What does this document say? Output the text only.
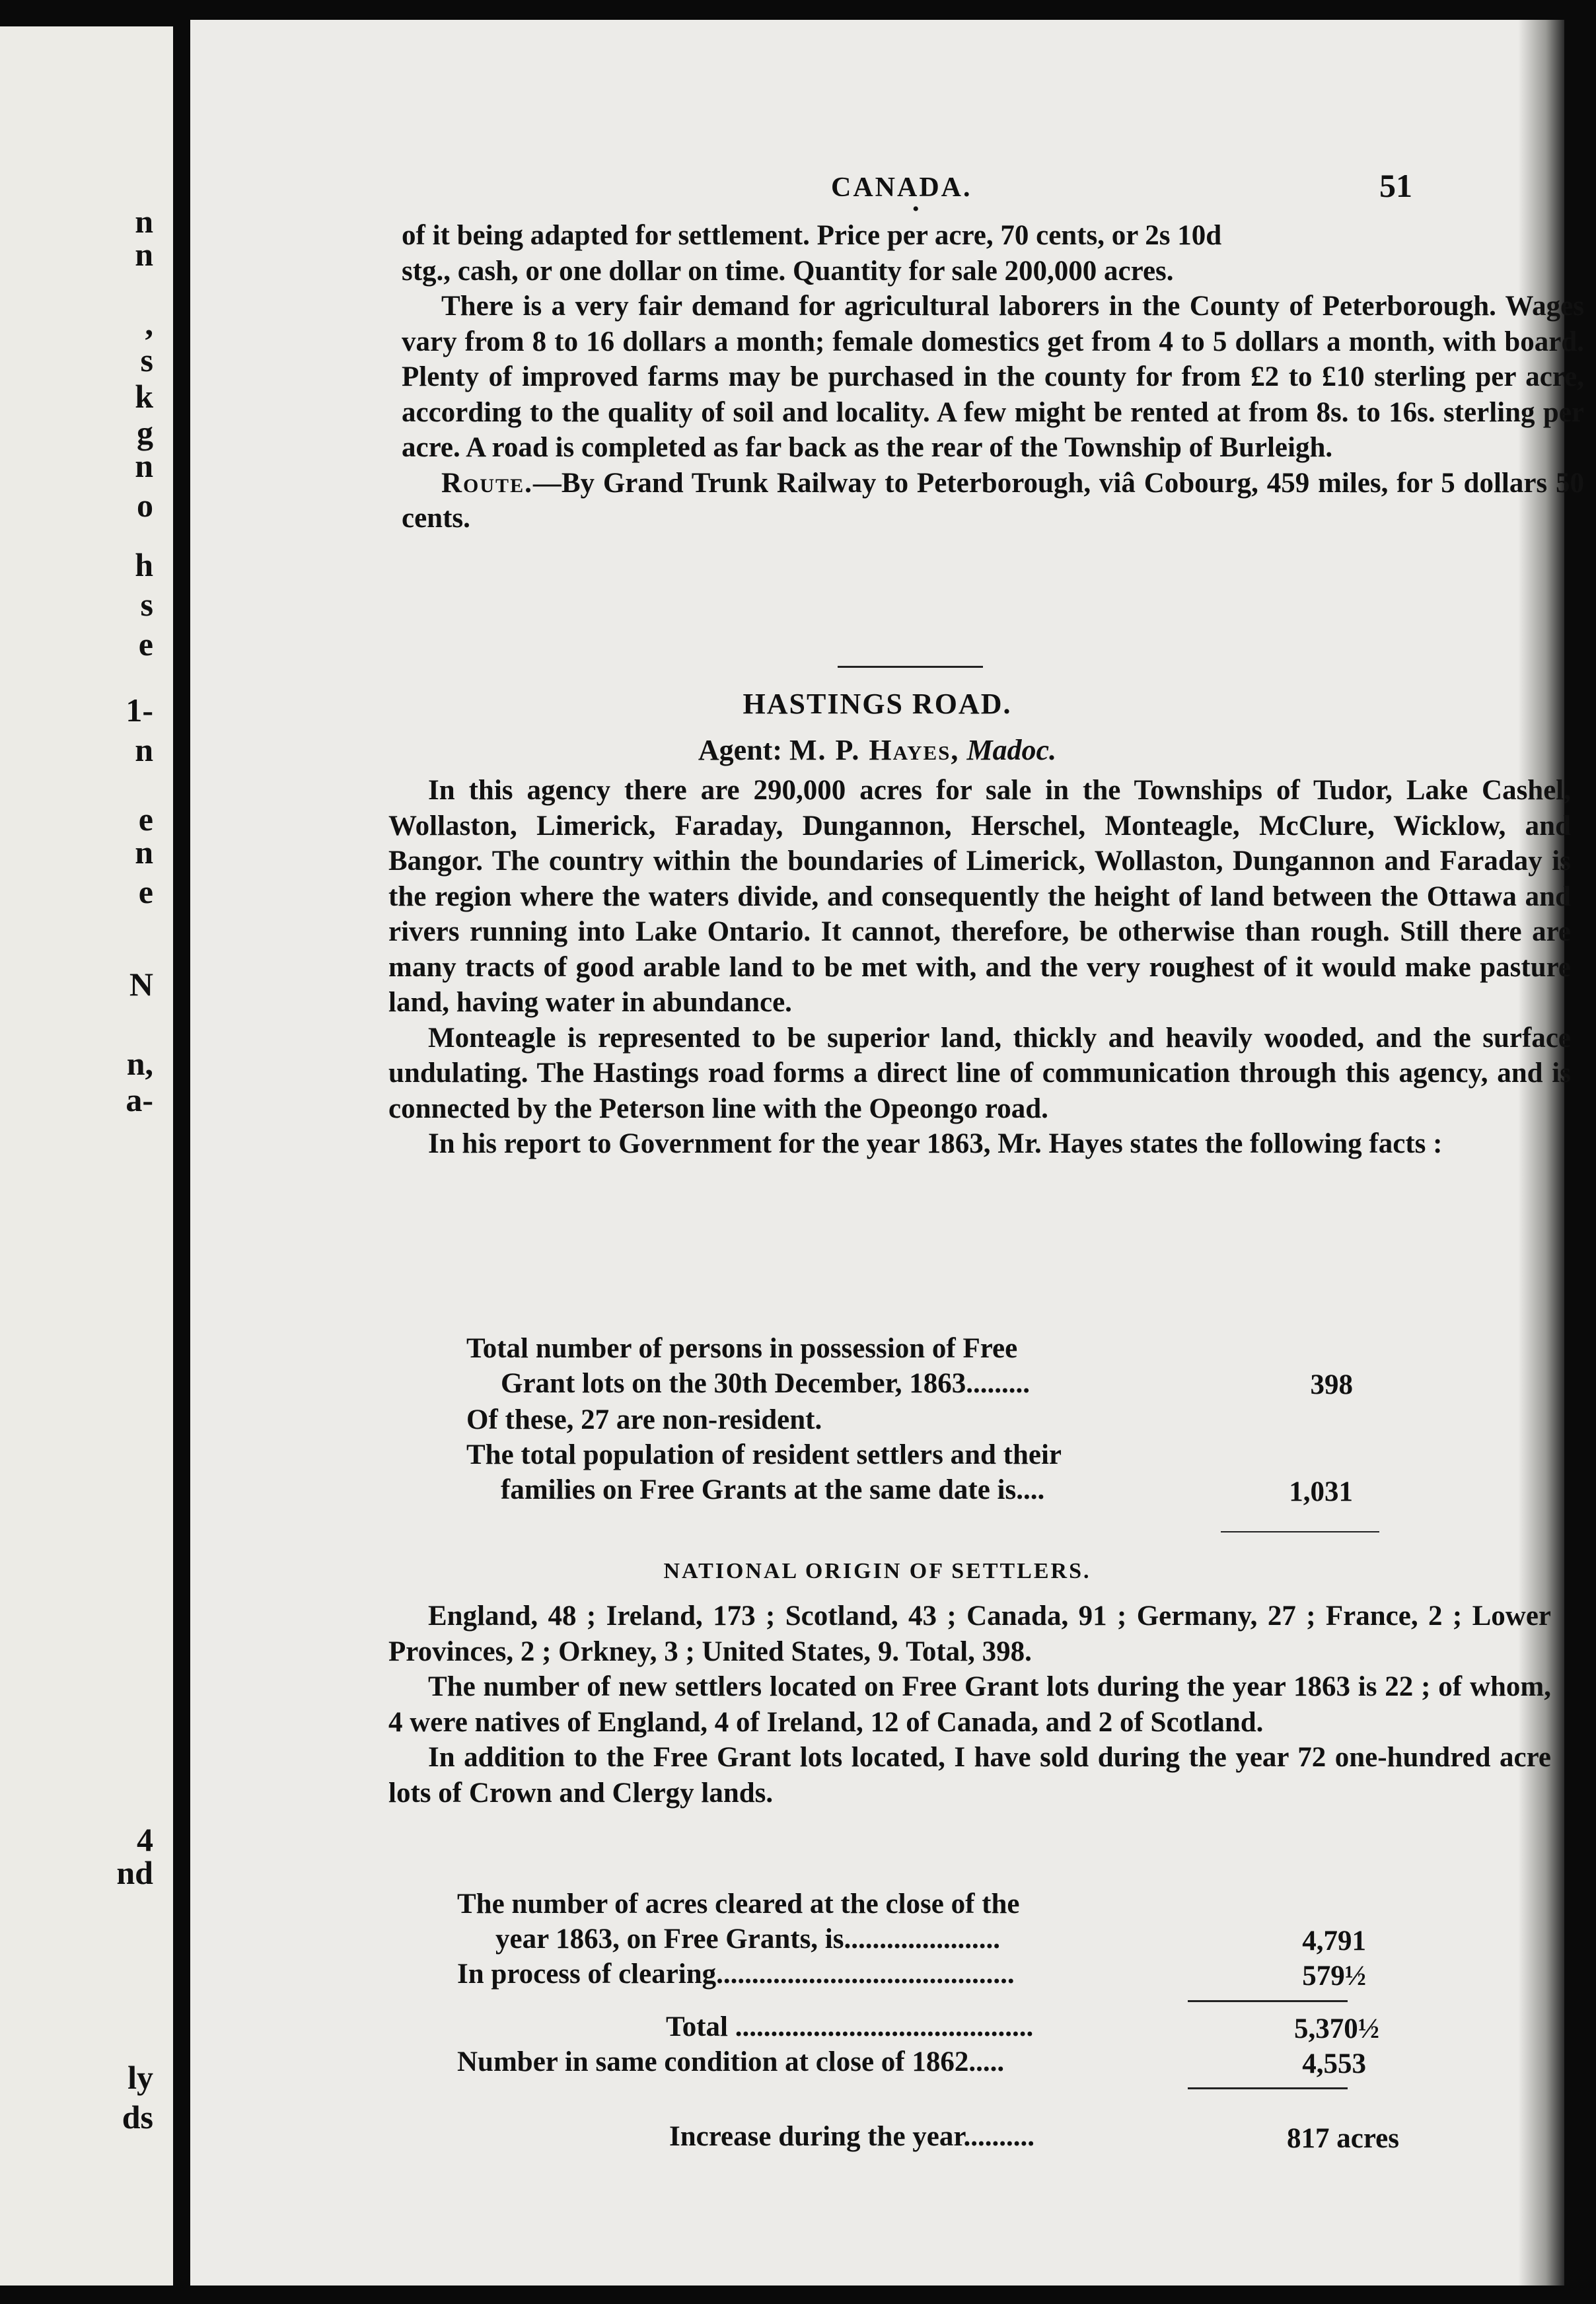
n
n
,
s
k
g
n
o
h
s
e
1-
n
e
n
e
N
n,
a-
4
nd
ly
ds
CANADA.
•
51
of it being adapted for settlement. Price per acre, 70 cents, or 2s 10d
stg., cash, or one dollar on time. Quantity for sale 200,000 acres.

There is a very fair demand for agricultural laborers in the County of Peterborough. Wages vary from 8 to 16 dollars a month; female domestics get from 4 to 5 dollars a month, with board. Plenty of improved farms may be purchased in the county for from £2 to £10 sterling per acre, according to the quality of soil and locality. A few might be rented at from 8s. to 16s. sterling per acre. A road is completed as far back as the rear of the Township of Burleigh.

Route.—By Grand Trunk Railway to Peterborough, viâ Cobourg, 459 miles, for 5 dollars 50 cents.

HASTINGS ROAD.
Agent: M. P. Hayes, Madoc.

In this agency there are 290,000 acres for sale in the Townships of Tudor, Lake Cashel, Wollaston, Limerick, Faraday, Dungannon, Herschel, Monteagle, McClure, Wicklow, and Bangor. The country within the boundaries of Limerick, Wollaston, Dungannon and Faraday is the region where the waters divide, and consequently the height of land between the Ottawa and rivers running into Lake Ontario. It cannot, therefore, be otherwise than rough. Still there are many tracts of good arable land to be met with, and the very roughest of it would make pasture land, having water in abundance.

Monteagle is represented to be superior land, thickly and heavily wooded, and the surface undulating. The Hastings road forms a direct line of communication through this agency, and is connected by the Peterson line with the Opeongo road.

In his report to Government for the year 1863, Mr. Hayes states the following facts :

Total number of persons in possession of Free
Grant lots on the 30th December, 1863.........	398
Of these, 27 are non-resident.
The total population of resident settlers and their
families on Free Grants at the same date is....	1,031
NATIONAL ORIGIN OF SETTLERS.

England, 48 ; Ireland, 173 ; Scotland, 43 ; Canada, 91 ; Germany, 27 ; France, 2 ; Lower Provinces, 2 ; Orkney, 3 ; United States, 9. Total, 398.

The number of new settlers located on Free Grant lots during the year 1863 is 22 ; of whom, 4 were natives of England, 4 of Ireland, 12 of Canada, and 2 of Scotland.

In addition to the Free Grant lots located, I have sold during the year 72 one-hundred acre lots of Crown and Clergy lands.

The number of acres cleared at the close of the
year 1863, on Free Grants, is......................	4,791
In process of clearing..........................................	579½
Total ..........................................	5,370½
Number in same condition at close of 1862.....	4,553
Increase during the year..........	817 acres
